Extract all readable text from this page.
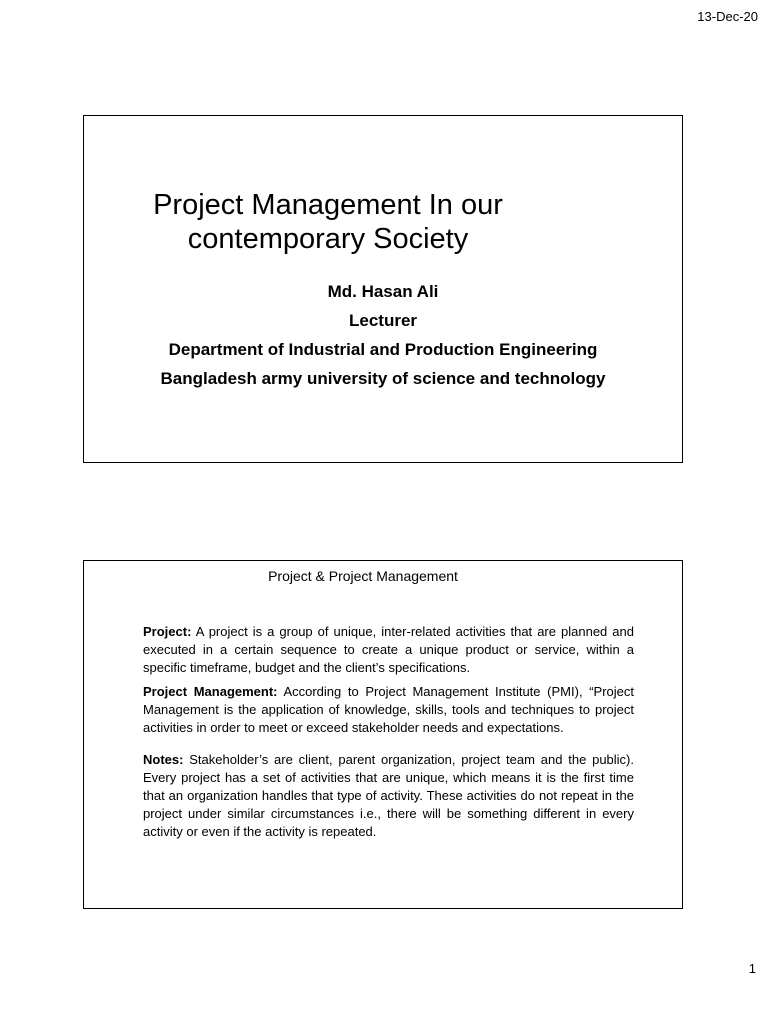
13-Dec-20
Project Management In our contemporary Society
Md. Hasan Ali
Lecturer
Department of Industrial and Production Engineering
Bangladesh army university of science and technology
Project & Project Management

Project: A project is a group of unique, inter-related activities that are planned and executed in a certain sequence to create a unique product or service, within a specific timeframe, budget and the client’s specifications.

Project Management: According to Project Management Institute (PMI), “Project Management is the application of knowledge, skills, tools and techniques to project activities in order to meet or exceed stakeholder needs and expectations.

Notes: Stakeholder’s are client, parent organization, project team and the public). Every project has a set of activities that are unique, which means it is the first time that an organization handles that type of activity. These activities do not repeat in the project under similar circumstances i.e., there will be something different in every activity or even if the activity is repeated.

1
